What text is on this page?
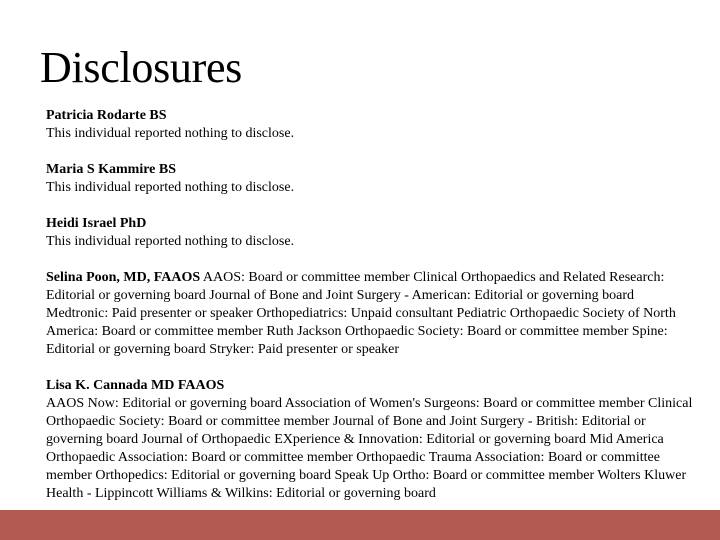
Disclosures
Patricia Rodarte BS
This individual reported nothing to disclose.
Maria S Kammire BS
This individual reported nothing to disclose.
Heidi Israel PhD
This individual reported nothing to disclose.
Selina Poon, MD, FAAOS AAOS: Board or committee member Clinical Orthopaedics and Related Research: Editorial or governing board Journal of Bone and Joint Surgery - American: Editorial or governing board Medtronic: Paid presenter or speaker Orthopediatrics: Unpaid consultant Pediatric Orthopaedic Society of North America: Board or committee member Ruth Jackson Orthopaedic Society: Board or committee member Spine: Editorial or governing board Stryker: Paid presenter or speaker
Lisa K. Cannada MD FAAOS
AAOS Now: Editorial or governing board Association of Women's Surgeons: Board or committee member Clinical Orthopaedic Society: Board or committee member Journal of Bone and Joint Surgery - British: Editorial or governing board Journal of Orthopaedic EXperience & Innovation: Editorial or governing board Mid America Orthopaedic Association: Board or committee member Orthopaedic Trauma Association: Board or committee member Orthopedics: Editorial or governing board Speak Up Ortho: Board or committee member Wolters Kluwer Health - Lippincott Williams & Wilkins: Editorial or governing board
